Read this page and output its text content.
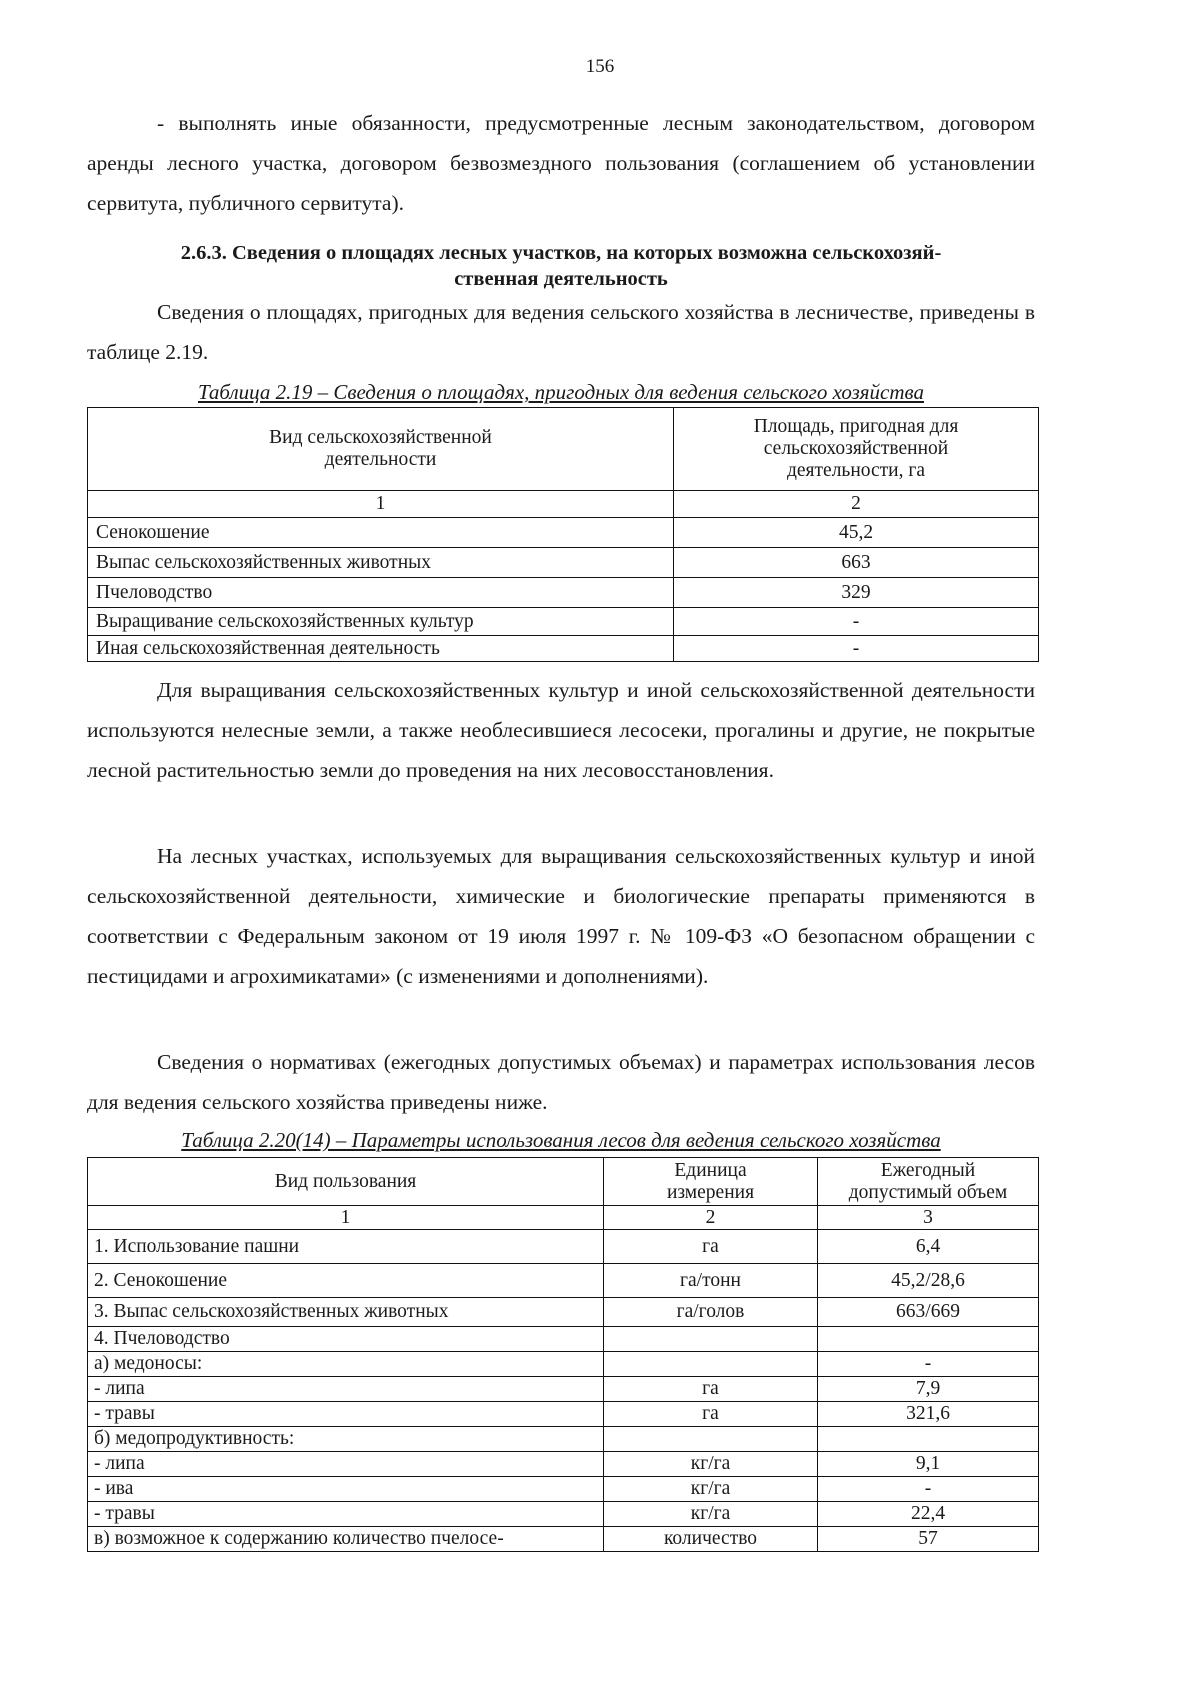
156

- выполнять иные обязанности, предусмотренные лесным законодательством, договором аренды лесного участка, договором безвозмездного пользования (соглашением об установлении сервитута, публичного сервитута).

2.6.3. Сведения о площадях лесных участков, на которых возможна сельскохозяй-
ственная деятельность

Сведения о площадях, пригодных для ведения сельского хозяйства в лесничестве, приведены в таблице 2.19.

Таблица 2.19 – Сведения о площадях, пригодных для ведения сельского хозяйства
Вид сельскохозяйственной деятельности	Площадь, пригодная для сельскохозяйственной деятельности, га
1	2
Сенокошение	45,2
Выпас сельскохозяйственных животных	663
Пчеловодство	329
Выращивание сельскохозяйственных культур	-
Иная сельскохозяйственная деятельность	-

Для выращивания сельскохозяйственных культур и иной сельскохозяйственной деятельности используются нелесные земли, а также необлесившиеся лесосеки, прогалины и другие, не покрытые лесной растительностью земли до проведения на них лесовосстановления.

На лесных участках, используемых для выращивания сельскохозяйственных культур и иной сельскохозяйственной деятельности, химические и биологические препараты применяются в соответствии с Федеральным законом от 19 июля 1997 г. № 109-ФЗ «О безопасном обращении с пестицидами и агрохимикатами» (с изменениями и дополнениями).

Сведения о нормативах (ежегодных допустимых объемах) и параметрах использования лесов для ведения сельского хозяйства приведены ниже.

Таблица 2.20(14) – Параметры использования лесов для ведения сельского хозяйства
Вид пользования	Единица измерения	Ежегодный допустимый объем
1	2	3
1. Использование пашни	га	6,4
2. Сенокошение	га/тонн	45,2/28,6
3. Выпас сельскохозяйственных животных	га/голов	663/669
4. Пчеловодство		
а) медоносы:		-
- липа	га	7,9
- травы	га	321,6
б) медопродуктивность:		
- липа	кг/га	9,1
- ива	кг/га	-
- травы	кг/га	22,4
в) возможное к содержанию количество пчелосе-	количество	57
